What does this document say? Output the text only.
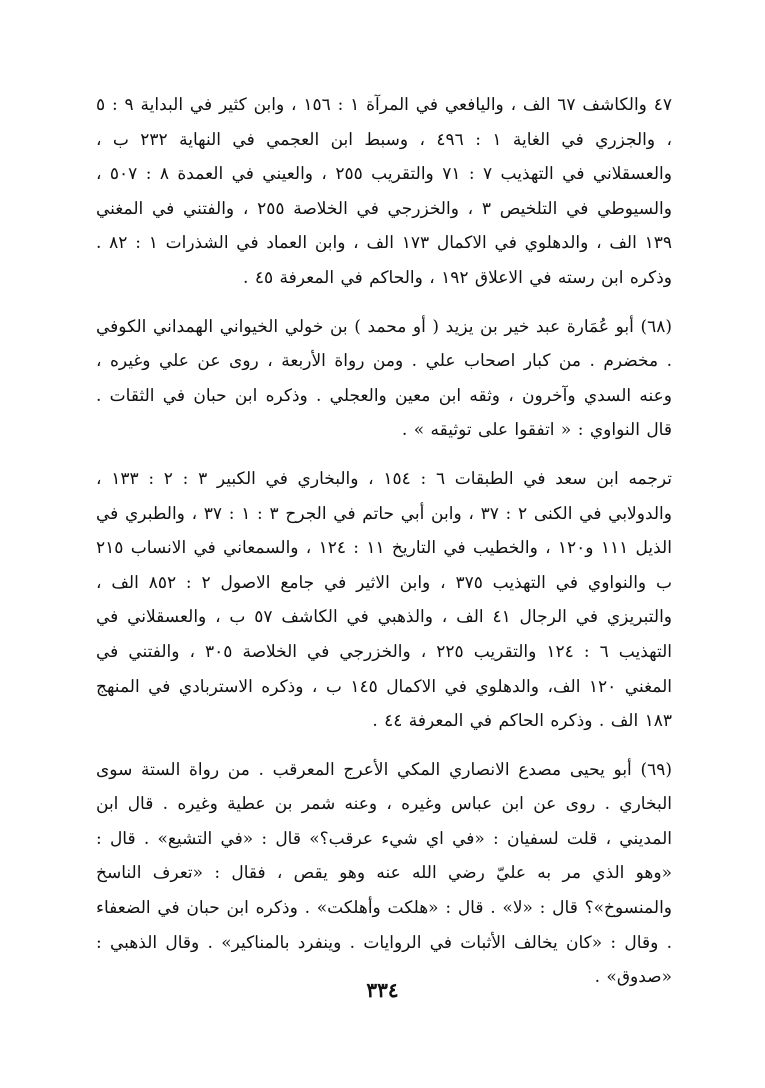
٤٧ والكاشف ٦٧ الف ، واليافعي في المرآة ١ : ١٥٦ ، وابن كثير في البداية ٩ : ٥ ، والجزري في الغاية ١ : ٤٩٦ ، وسبط ابن العجمي في النهاية ٢٣٢ ب ، والعسقلاني في التهذيب ٧ : ٧١ والتقريب ٢٥٥ ، والعيني في العمدة ٨ : ٥٠٧ ، والسيوطي في التلخيص ٣ ، والخزرجي في الخلاصة ٢٥٥ ، والفتني في المغني ١٣٩ الف ، والدهلوي في الاكمال ١٧٣ الف ، وابن العماد في الشذرات ١ : ٨٢ . وذكره ابن رسته في الاعلاق ١٩٢ ، والحاكم في المعرفة ٤٥ .

(٦٨) أبو عُمَارة عبد خير بن يزيد ( أو محمد ) بن خولي الخيواني الهمداني الكوفي . مخضرم . من كبار اصحاب علي . ومن رواة الأربعة ، روى عن علي وغيره ، وعنه السدي وآخرون ، وثقه ابن معين والعجلي . وذكره ابن حبان في الثقات . قال النواوي : « اتفقوا على توثيقه » .

ترجمه ابن سعد في الطبقات ٦ : ١٥٤ ، والبخاري في الكبير ٣ : ٢ : ١٣٣ ، والدولابي في الكنى ٢ : ٣٧ ، وابن أبي حاتم في الجرح ٣ : ١ : ٣٧ ، والطبري في الذيل ١١١ و١٢٠ ، والخطيب في التاريخ ١١ : ١٢٤ ، والسمعاني في الانساب ٢١٥ ب والنواوي في التهذيب ٣٧٥ ، وابن الاثير في جامع الاصول ٢ : ٨٥٢ الف ، والتبريزي في الرجال ٤١ الف ، والذهبي في الكاشف ٥٧ ب ، والعسقلاني في التهذيب ٦ : ١٢٤ والتقريب ٢٢٥ ، والخزرجي في الخلاصة ٣٠٥ ، والفتني في المغني ١٢٠ الف، والدهلوي في الاكمال ١٤٥ ب ، وذكره الاستربادي في المنهج ١٨٣ الف . وذكره الحاكم في المعرفة ٤٤ .

(٦٩) أبو يحيى مصدع الانصاري المكي الأعرج المعرقب . من رواة الستة سوى البخاري . روى عن ابن عباس وغيره ، وعنه شمر بن عطية وغيره . قال ابن المديني ، قلت لسفيان : «في اي شيء عرقب؟» قال : «في التشيع» . قال : «وهو الذي مر به عليّ رضي الله عنه وهو يقص ، فقال : «تعرف الناسخ والمنسوخ»؟ قال : «لا» . قال : «هلكت وأهلكت» . وذكره ابن حبان في الضعفاء . وقال : «كان يخالف الأثبات في الروايات . وينفرد بالمناكير» . وقال الذهبي : «صدوق» .

٣٣٤
